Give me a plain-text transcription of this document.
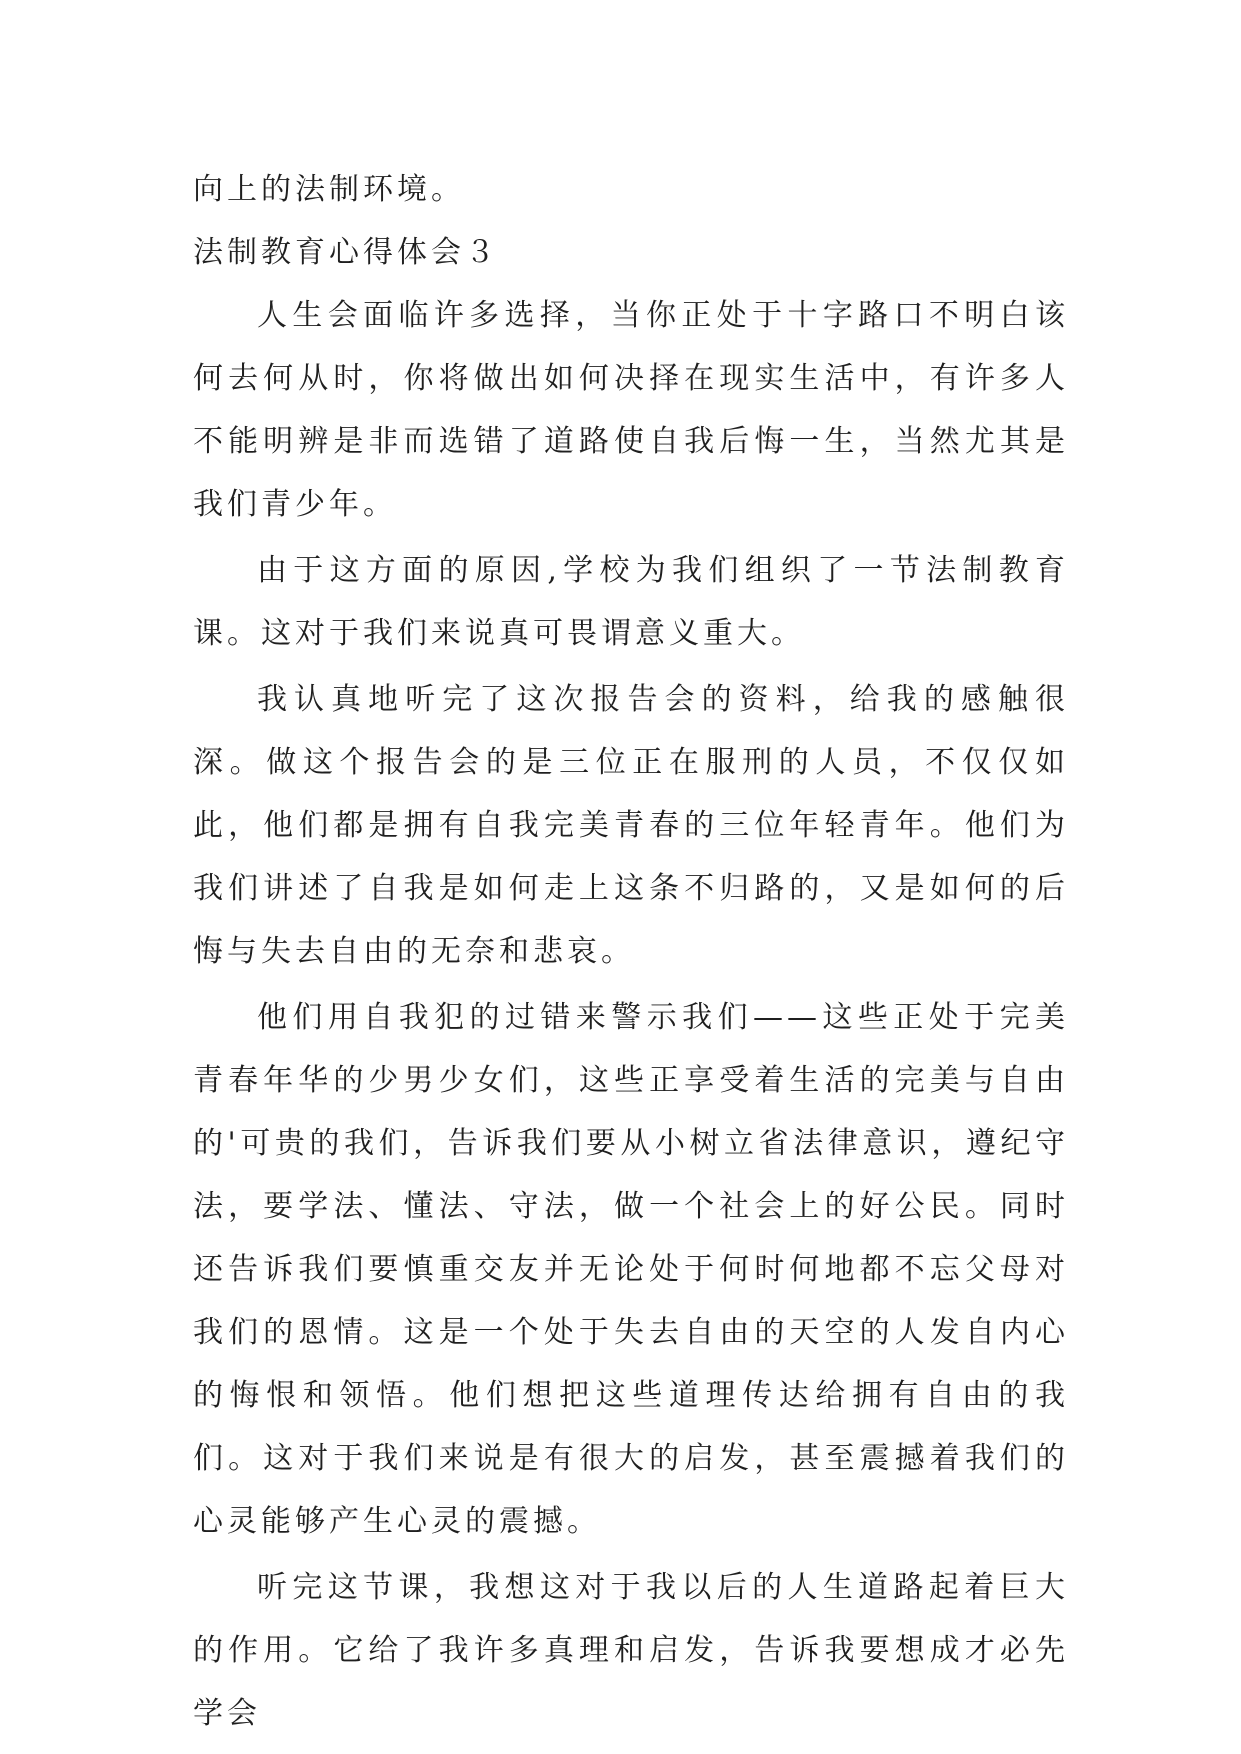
向上的法制环境。

法制教育心得体会３

人生会面临许多选择，当你正处于十字路口不明白该何去何从时，你将做出如何决择在现实生活中，有许多人不能明辨是非而选错了道路使自我后悔一生，当然尤其是我们青少年。

由于这方面的原因,学校为我们组织了一节法制教育课。这对于我们来说真可畏谓意义重大。

我认真地听完了这次报告会的资料，给我的感触很深。做这个报告会的是三位正在服刑的人员，不仅仅如此，他们都是拥有自我完美青春的三位年轻青年。他们为我们讲述了自我是如何走上这条不归路的，又是如何的后悔与失去自由的无奈和悲哀。

他们用自我犯的过错来警示我们——这些正处于完美青春年华的少男少女们，这些正享受着生活的完美与自由的'可贵的我们，告诉我们要从小树立省法律意识，遵纪守法，要学法、懂法、守法，做一个社会上的好公民。同时还告诉我们要慎重交友并无论处于何时何地都不忘父母对我们的恩情。这是一个处于失去自由的天空的人发自内心的悔恨和领悟。他们想把这些道理传达给拥有自由的我们。这对于我们来说是有很大的启发，甚至震撼着我们的心灵能够产生心灵的震撼。

听完这节课，我想这对于我以后的人生道路起着巨大的作用。它给了我许多真理和启发，告诉我要想成才必先学会
